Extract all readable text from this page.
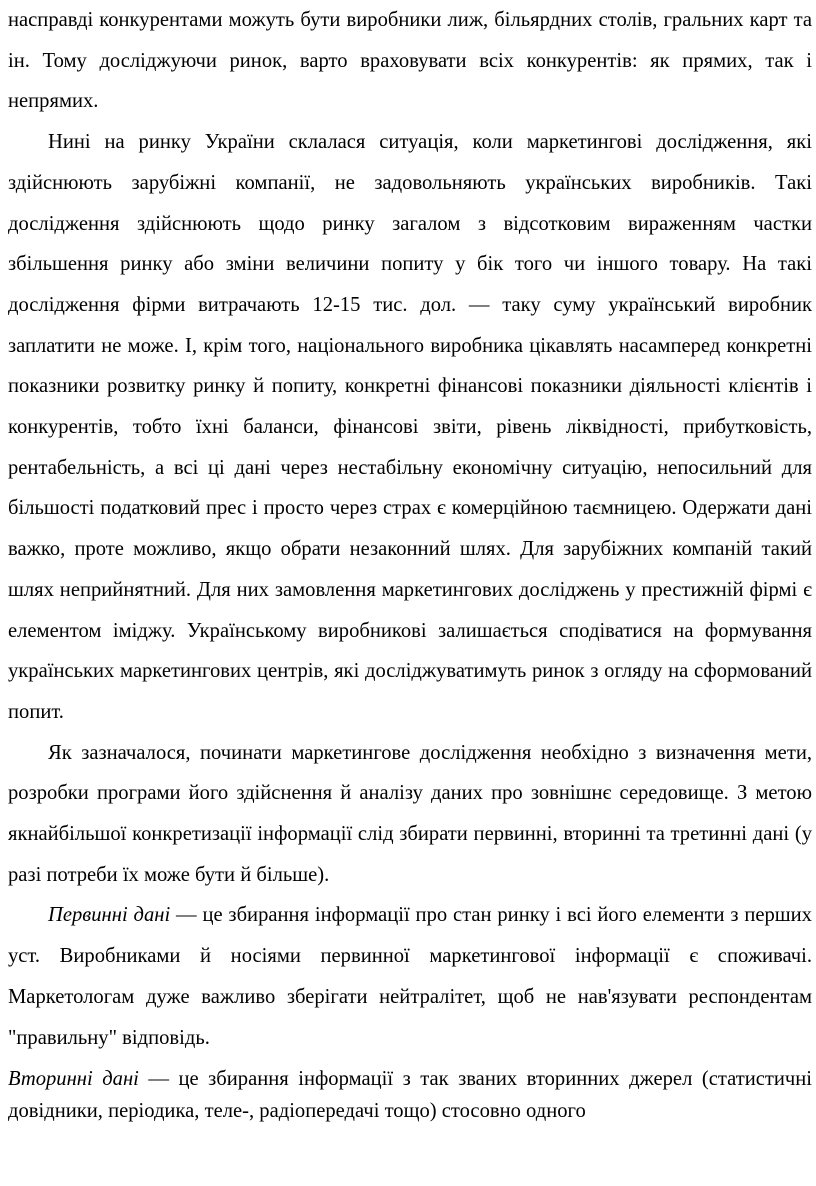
насправді конкурентами можуть бути виробники лиж, більярдних столів, гральних карт та ін. Тому досліджуючи ринок, варто враховувати всіх конкурентів: як прямих, так і непрямих.

Нині на ринку України склалася ситуація, коли маркетингові дослідження, які здійснюють зарубіжні компанії, не задовольняють українських виробників. Такі дослідження здійснюють щодо ринку загалом з відсотковим вираженням частки збільшення ринку або зміни величини попиту у бік того чи іншого товару. На такі дослідження фірми витрачають 12-15 тис. дол. — таку суму український виробник заплатити не може. І, крім того, національного виробника цікавлять насамперед конкретні показники розвитку ринку й попиту, конкретні фінансові показники діяльності клієнтів і конкурентів, тобто їхні баланси, фінансові звіти, рівень ліквідності, прибутковість, рентабельність, а всі ці дані через нестабільну економічну ситуацію, непосильний для більшості податковий прес і просто через страх є комерційною таємницею. Одержати дані важко, проте можливо, якщо обрати незаконний шлях. Для зарубіжних компаній такий шлях неприйнятний. Для них замовлення маркетингових досліджень у престижній фірмі є елементом іміджу. Українському виробникові залишається сподіватися на формування українських маркетингових центрів, які досліджуватимуть ринок з огляду на сформований попит.

Як зазначалося, починати маркетингове дослідження необхідно з визначення мети, розробки програми його здійснення й аналізу даних про зовнішнє середовище. З метою якнайбільшої конкретизації інформації слід збирати первинні, вторинні та третинні дані (у разі потреби їх може бути й більше).

Первинні дані — це збирання інформації про стан ринку і всі його елементи з перших уст. Виробниками й носіями первинної маркетингової інформації є споживачі. Маркетологам дуже важливо зберігати нейтралітет, щоб не нав'язувати респондентам "правильну" відповідь.

Вторинні дані — це збирання інформації з так званих вторинних джерел (статистичні довідники, періодика, теле-, радіопередачі тощо) стосовно одного
